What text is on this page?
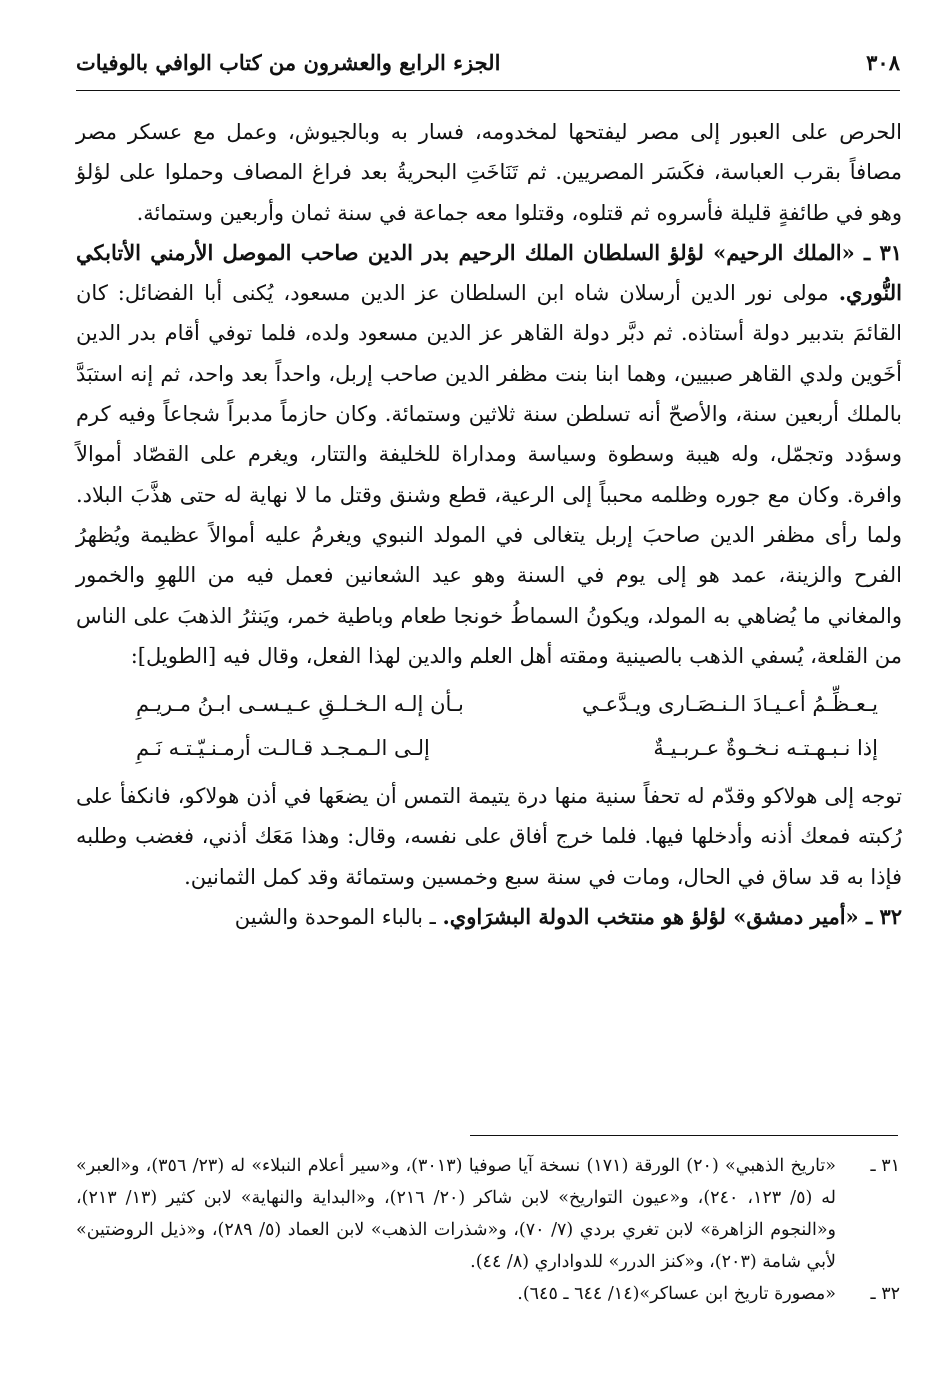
٣٠٨
الجزء الرابع والعشرون من كتاب الوافي بالوفيات

الحرص على العبور إلى مصر ليفتحها لمخدومه، فسار به وبالجيوش، وعمل مع عسكر مصر مصافاً بقرب العباسة، فكَسَر المصريين. ثم تَنَاخَتِ البحريةُ بعد فراغ المصاف وحملوا على لؤلؤ وهو في طائفةٍ قليلة فأسروه ثم قتلوه، وقتلوا معه جماعة في سنة ثمان وأربعين وستمائة.

٣١ ـ «الملك الرحيم» لؤلؤ السلطان الملك الرحيم بدر الدين صاحب الموصل الأرمني الأتابكي النُّوري. مولى نور الدين أرسلان شاه ابن السلطان عز الدين مسعود، يُكنى أبا الفضائل: كان القائمَ بتدبير دولة أستاذه. ثم دبَّر دولة القاهر عز الدين مسعود ولده، فلما توفي أقام بدر الدين أخَوين ولدي القاهر صبيين، وهما ابنا بنت مظفر الدين صاحب إربل، واحداً بعد واحد، ثم إنه استبَدَّ بالملك أربعين سنة، والأصحّ أنه تسلطن سنة ثلاثين وستمائة. وكان حازماً مدبراً شجاعاً وفيه كرم وسؤدد وتجمّل، وله هيبة وسطوة وسياسة ومداراة للخليفة والتتار، ويغرم على القصّاد أموالاً وافرة. وكان مع جوره وظلمه محبباً إلى الرعية، قطع وشنق وقتل ما لا نهاية له حتى هذَّبَ البلاد. ولما رأى مظفر الدين صاحبَ إربل يتغالى في المولد النبوي ويغرمُ عليه أموالاً عظيمة ويُظهرُ الفرح والزينة، عمد هو إلى يوم في السنة وهو عيد الشعانين فعمل فيه من اللهوِ والخمور والمغاني ما يُضاهي به المولد، ويكونُ السماطُ خونجا طعام وباطية خمر، ويَنثرُ الذهبَ على الناس من القلعة، يُسفي الذهب بالصينية ومقته أهل العلم والدين لهذا الفعل، وقال فيه [الطويل]:

يـعـظِّـمُ أعـيـادَ الـنـصَـارى ويـدَّعـي
بـأن إلـه الـخـلـقِ عـيـسـى ابـنُ مـريـمِ
إذا نـبـهـتـه نـخـوةٌ عـربـيـةٌ
إلـى الـمـجـد قـالـت أرمـنـيّـتـه نَـمِ

توجه إلى هولاكو وقدّم له تحفاً سنية منها درة يتيمة التمس أن يضعَها في أذن هولاكو، فانكفأ على رُكبته فمعك أذنه وأدخلها فيها. فلما خرج أفاق على نفسه، وقال: وهذا مَعَك أذني، فغضب وطلبه فإذا به قد ساق في الحال، ومات في سنة سبع وخمسين وستمائة وقد كمل الثمانين.

٣٢ ـ «أمير دمشق» لؤلؤ هو منتخب الدولة البشرَاوي. ـ بالباء الموحدة والشين

٣١ ـ
«تاريخ الذهبي» (٢٠) الورقة (١٧١) نسخة آيا صوفيا (٣٠١٣)، و«سير أعلام النبلاء» له (٢٣/ ٣٥٦)، و«العبر» له (٥/ ١٢٣، ٢٤٠)، و«عيون التواريخ» لابن شاكر (٢٠/ ٢١٦)، و«البداية والنهاية» لابن كثير (١٣/ ٢١٣)، و«النجوم الزاهرة» لابن تغري بردي (٧/ ٧٠)، و«شذرات الذهب» لابن العماد (٥/ ٢٨٩)، و«ذيل الروضتين» لأبي شامة (٢٠٣)، و«كنز الدرر» للدواداري (٨/ ٤٤).
٣٢ ـ
«مصورة تاريخ ابن عساكر»(١٤/ ٦٤٤ ـ ٦٤٥).
